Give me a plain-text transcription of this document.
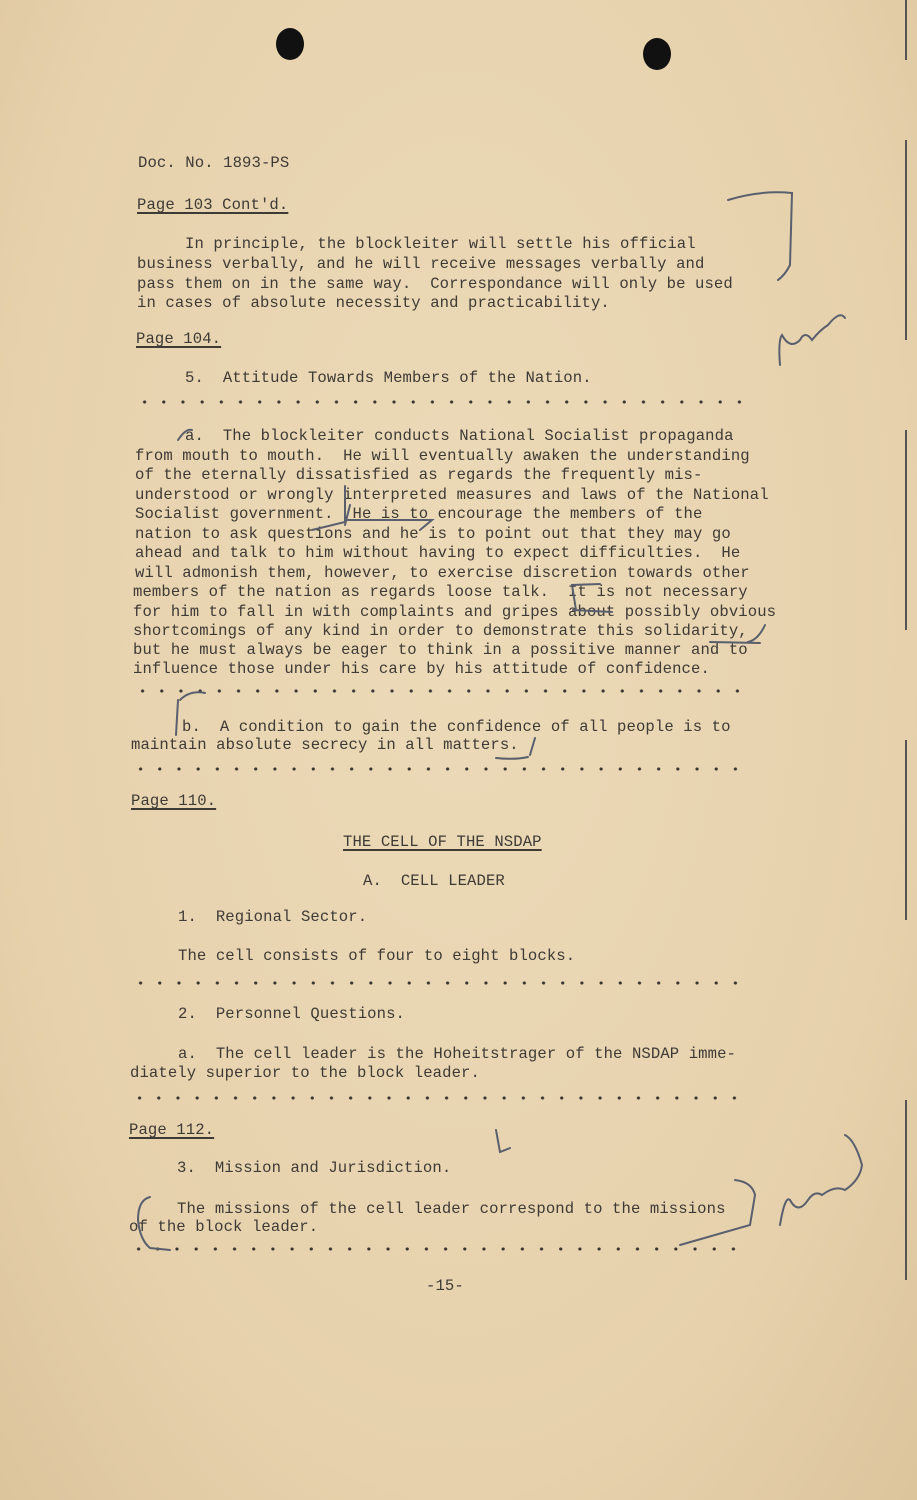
Doc. No. 1893-PS
Page 103 Cont'd.
In principle, the blockleiter will settle his official
business verbally, and he will receive messages verbally and
pass them on in the same way.  Correspondance will only be used
in cases of absolute necessity and practicability.
Page 104.
5.  Attitude Towards Members of the Nation.
a.  The blockleiter conducts National Socialist propaganda
from mouth to mouth.  He will eventually awaken the understanding
of the eternally dissatisfied as regards the frequently mis-
understood or wrongly interpreted measures and laws of the National
Socialist government.  He is to encourage the members of the
nation to ask questions and he is to point out that they may go
ahead and talk to him without having to expect difficulties.  He
will admonish them, however, to exercise discretion towards other
members of the nation as regards loose talk.  It is not necessary
for him to fall in with complaints and gripes about possibly obvious
shortcomings of any kind in order to demonstrate this solidarity,
but he must always be eager to think in a possitive manner and to
influence those under his care by his attitude of confidence.
b.  A condition to gain the confidence of all people is to
maintain absolute secrecy in all matters.
Page 110.
THE CELL OF THE NSDAP
A.  CELL LEADER
1.  Regional Sector.
The cell consists of four to eight blocks.
2.  Personnel Questions.
a.  The cell leader is the Hoheitstrager of the NSDAP imme-
diately superior to the block leader.
Page 112.
3.  Mission and Jurisdiction.
The missions of the cell leader correspond to the missions
of the block leader.
-15-
